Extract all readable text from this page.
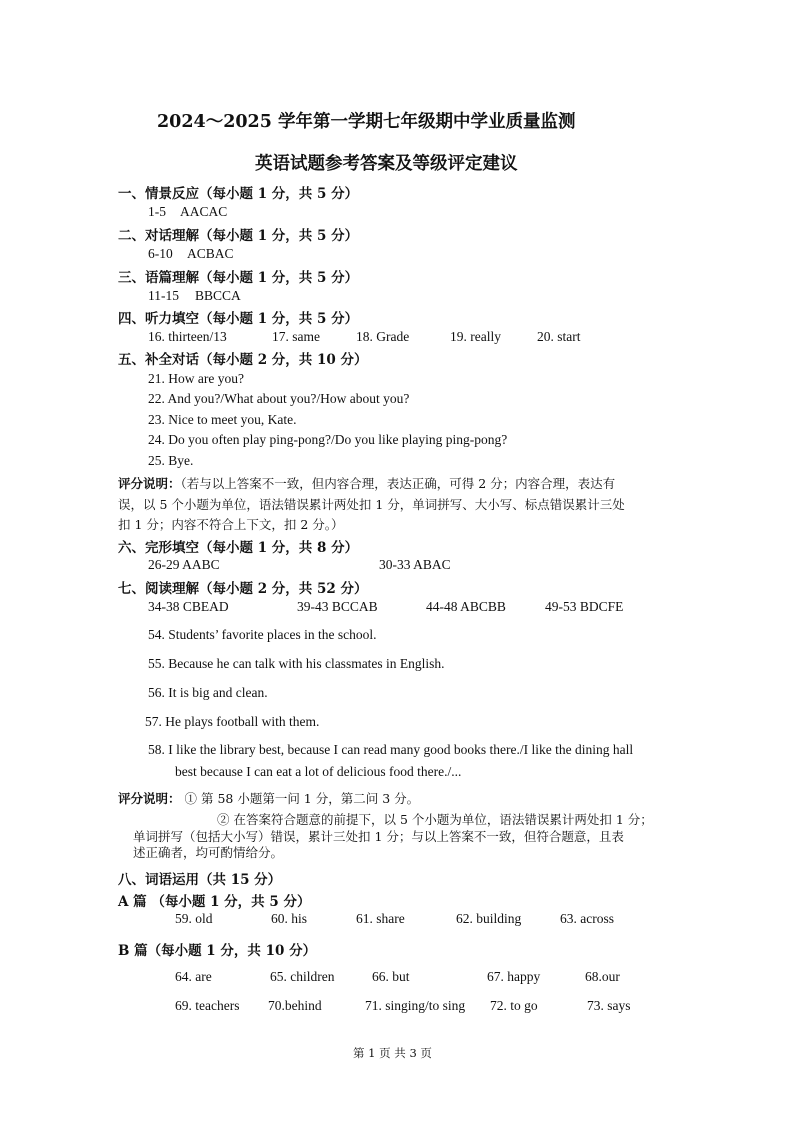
2024～2025 学年第一学期七年级期中学业质量监测
英语试题参考答案及等级评定建议
一、情景反应（每小题 1 分，共 5 分）
1-5 AACAC
二、对话理解（每小题 1 分，共 5 分）
6-10 ACBAC
三、语篇理解（每小题 1 分，共 5 分）
11-15 BBCCA
四、听力填空（每小题 1 分，共 5 分）
16. thirteen/13	17. same	18. Grade	19. really	20. start
五、补全对话（每小题 2 分，共 10 分）
21. How are you?
22. And you?/What about you?/How about you?
23. Nice to meet you, Kate.
24. Do you often play ping-pong?/Do you like playing ping-pong?
25. Bye.
评分说明：（若与以上答案不一致，但内容合理，表达正确，可得 2 分；内容合理，表达有
误，以 5 个小题为单位，语法错误累计两处扣 1 分，单词拼写、大小写、标点错误累计三处
扣 1 分；内容不符合上下文，扣 2 分。）
六、完形填空（每小题 1 分，共 8 分）
26-29 AABC	30-33 ABAC
七、阅读理解（每小题 2 分，共 52 分）
34-38 CBEAD	39-43 BCCAB	44-48 ABCBB	49-53 BDCFE
54. Students’ favorite places in the school.
55. Because he can talk with his classmates in English.
56. It is big and clean.
57. He plays football with them.
58. I like the library best, because I can read many good books there./I like the dining hall
best because I can eat a lot of delicious food there./...
评分说明： ① 第 58 小题第一问 1 分，第二问 3 分。
② 在答案符合题意的前提下，以 5 个小题为单位，语法错误累计两处扣 1 分；
单词拼写（包括大小写）错误，累计三处扣 1 分；与以上答案不一致，但符合题意，且表
述正确者，均可酌情给分。
八、词语运用（共 15 分）
A 篇 （每小题 1 分，共 5 分）
59. old	60. his	61. share	62. building	63. across
B 篇（每小题 1 分，共 10 分）
64. are	65. children	66. but	67. happy	68.our
69. teachers 70.behind	71. singing/to sing 72. to go	73. says
第 1 页 共 3 页
